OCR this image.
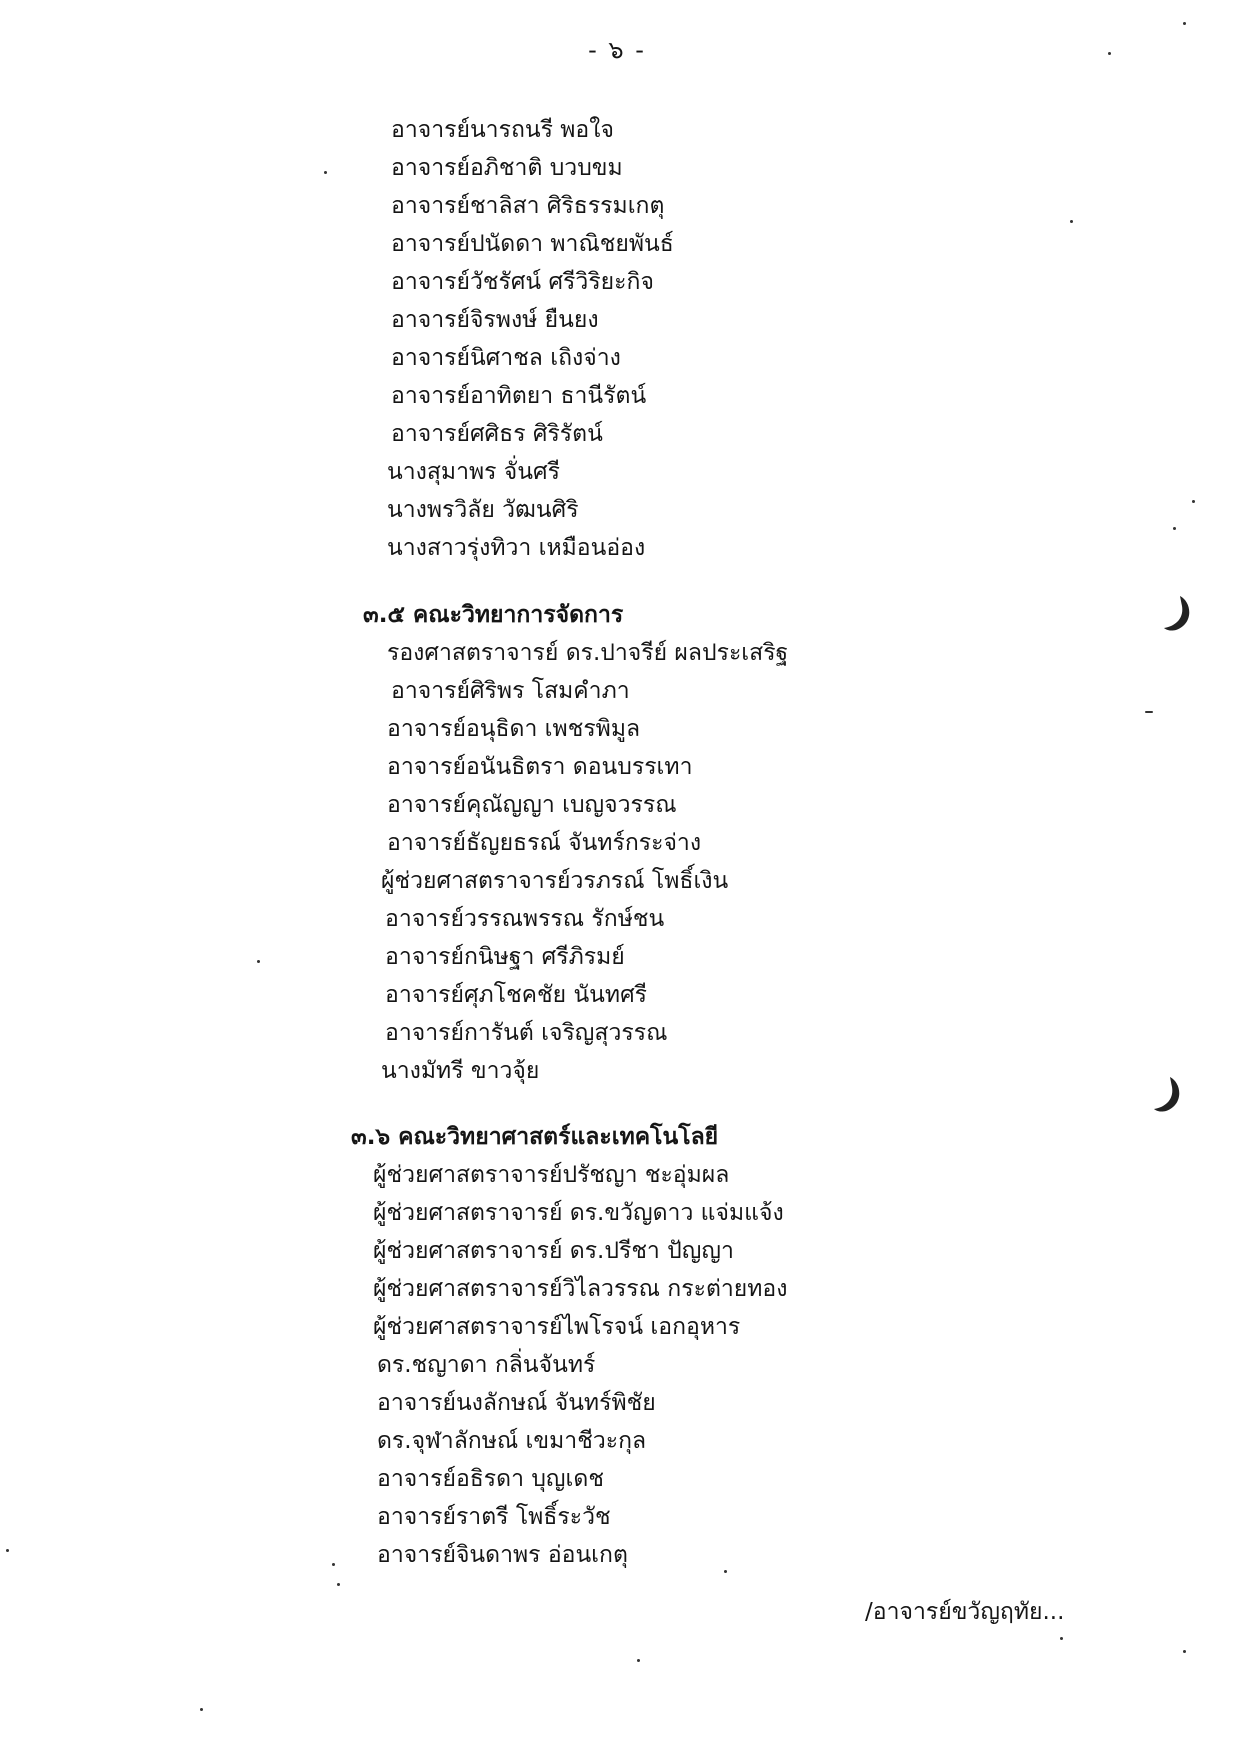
- ๖ -
อาจารย์นารถนรี พอใจ
อาจารย์อภิชาติ บวบขม
อาจารย์ชาลิสา ศิริธรรมเกตุ
อาจารย์ปนัดดา พาณิชยพันธ์
อาจารย์วัชรัศน์ ศรีวิริยะกิจ
อาจารย์จิรพงษ์ ยืนยง
อาจารย์นิศาชล เถิงจ่าง
อาจารย์อาทิตยา ธานีรัตน์
อาจารย์ศศิธร ศิริรัตน์
นางสุมาพร จั่นศรี
นางพรวิลัย วัฒนศิริ
นางสาวรุ่งทิวา เหมือนอ่อง
๓.๕ คณะวิทยาการจัดการ
รองศาสตราจารย์ ดร.ปาจรีย์ ผลประเสริฐ
อาจารย์ศิริพร โสมคำภา
อาจารย์อนุธิดา เพชรพิมูล
อาจารย์อนันธิตรา ดอนบรรเทา
อาจารย์คุณัญญา เบญจวรรณ
อาจารย์ธัญยธรณ์ จันทร์กระจ่าง
ผู้ช่วยศาสตราจารย์วรภรณ์ โพธิ์เงิน
อาจารย์วรรณพรรณ รักษ์ชน
อาจารย์กนิษฐา ศรีภิรมย์
อาจารย์ศุภโชคชัย นันทศรี
อาจารย์การันต์ เจริญสุวรรณ
นางมัทรี ขาวจุ้ย
๓.๖ คณะวิทยาศาสตร์และเทคโนโลยี
ผู้ช่วยศาสตราจารย์ปรัชญา ชะอุ่มผล
ผู้ช่วยศาสตราจารย์ ดร.ขวัญดาว แจ่มแจ้ง
ผู้ช่วยศาสตราจารย์ ดร.ปรีชา ปัญญา
ผู้ช่วยศาสตราจารย์วิไลวรรณ กระต่ายทอง
ผู้ช่วยศาสตราจารย์ไพโรจน์ เอกอุหาร
ดร.ชญาดา กลิ่นจันทร์
อาจารย์นงลักษณ์ จันทร์พิชัย
ดร.จุฬาลักษณ์ เขมาชีวะกุล
อาจารย์อธิรดา บุญเดช
อาจารย์ราตรี โพธิ์ระวัช
อาจารย์จินดาพร อ่อนเกตุ
/อาจารย์ขวัญฤทัย...
